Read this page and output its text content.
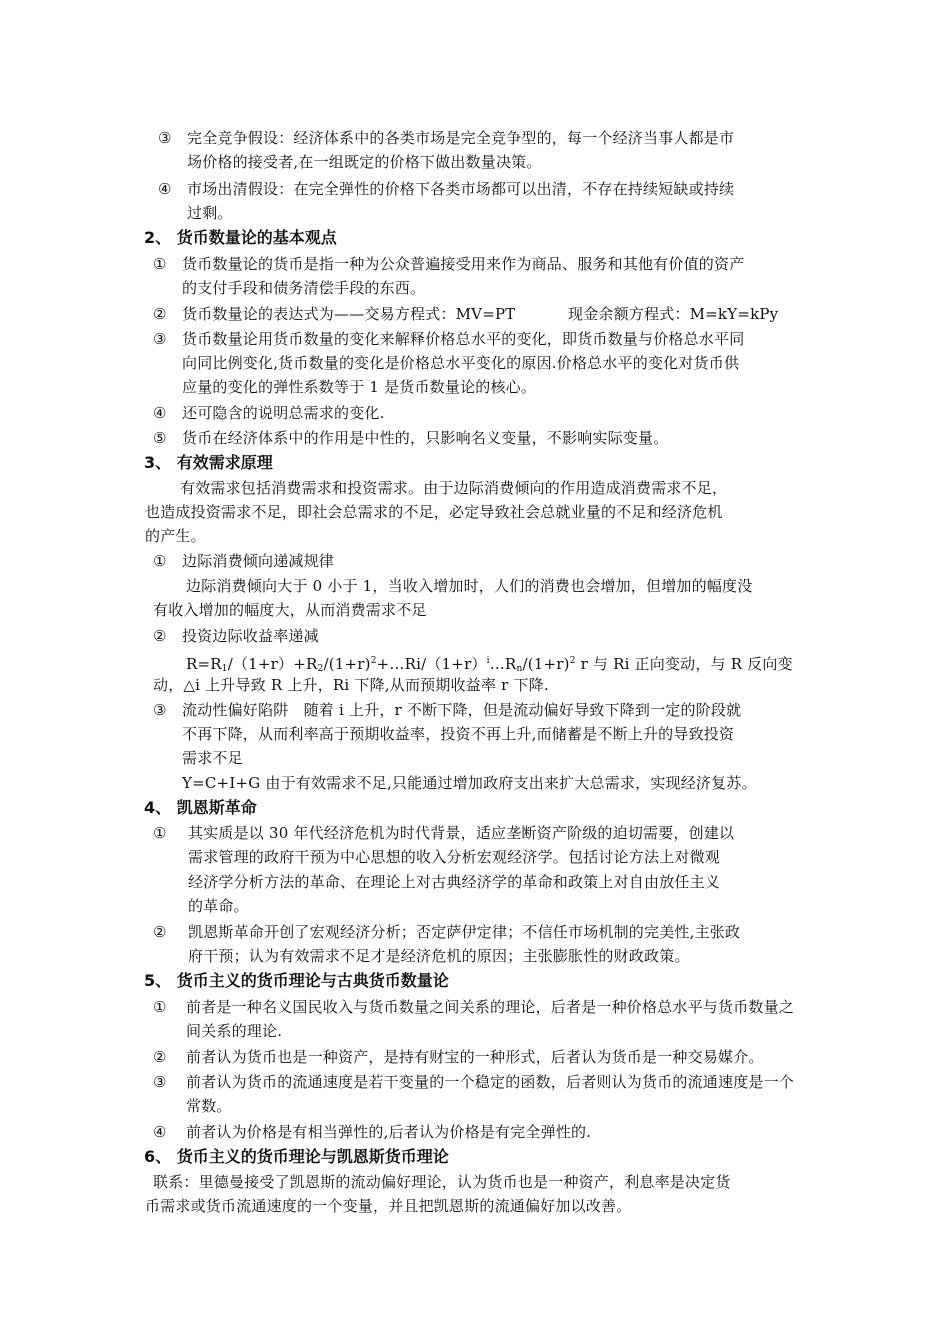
③ 完全竞争假设：经济体系中的各类市场是完全竞争型的，每一个经济当事人都是市
场价格的接受者,在一组既定的价格下做出数量决策。
④ 市场出清假设：在完全弹性的价格下各类市场都可以出清，不存在持续短缺或持续
过剩。
2、 货币数量论的基本观点
① 货币数量论的货币是指一种为公众普遍接受用来作为商品、服务和其他有价值的资产
的支付手段和债务清偿手段的东西。
② 货币数量论的表达式为——交易方程式：MV=PT	现金余额方程式：M=kY=kPy
③ 货币数量论用货币数量的变化来解释价格总水平的变化，即货币数量与价格总水平同
向同比例变化,货币数量的变化是价格总水平变化的原因.价格总水平的变化对货币供
应量的变化的弹性系数等于 1 是货币数量论的核心。
④ 还可隐含的说明总需求的变化.
⑤ 货币在经济体系中的作用是中性的，只影响名义变量，不影响实际变量。
3、 有效需求原理
有效需求包括消费需求和投资需求。由于边际消费倾向的作用造成消费需求不足，
也造成投资需求不足，即社会总需求的不足，必定导致社会总就业量的不足和经济危机
的产生。
① 边际消费倾向递减规律
边际消费倾向大于 0 小于 1，当收入增加时，人们的消费也会增加，但增加的幅度没
有收入增加的幅度大，从而消费需求不足
② 投资边际收益率递减
$R=R_1/(1+r)+R_2/(1+r)^2+\dots Ri/(1+r)^i\dots R_n/(1+r)^2$ r 与 Ri 正向变动，与 R 反向变
动，△i 上升导致 R 上升，Ri 下降,从而预期收益率 r 下降.
③ 流动性偏好陷阱　随着 i 上升，r 不断下降，但是流动偏好导致下降到一定的阶段就
不再下降，从而利率高于预期收益率，投资不再上升,而储蓄是不断上升的导致投资
需求不足
Y=C+I+G 由于有效需求不足,只能通过增加政府支出来扩大总需求，实现经济复苏。
4、 凯恩斯革命
① 其实质是以 30 年代经济危机为时代背景，适应垄断资产阶级的迫切需要，创建以
需求管理的政府干预为中心思想的收入分析宏观经济学。包括讨论方法上对微观
经济学分析方法的革命、在理论上对古典经济学的革命和政策上对自由放任主义
的革命。
② 凯恩斯革命开创了宏观经济分析；否定萨伊定律；不信任市场机制的完美性,主张政
府干预；认为有效需求不足才是经济危机的原因；主张膨胀性的财政政策。
5、 货币主义的货币理论与古典货币数量论
① 前者是一种名义国民收入与货币数量之间关系的理论，后者是一种价格总水平与货币数量之
间关系的理论.
② 前者认为货币也是一种资产，是持有财宝的一种形式，后者认为货币是一种交易媒介。
③ 前者认为货币的流通速度是若干变量的一个稳定的函数，后者则认为货币的流通速度是一个
常数。
④ 前者认为价格是有相当弹性的,后者认为价格是有完全弹性的.
6、 货币主义的货币理论与凯恩斯货币理论
联系：里德曼接受了凯恩斯的流动偏好理论，认为货币也是一种资产，利息率是决定货
币需求或货币流通速度的一个变量，并且把凯恩斯的流通偏好加以改善。
